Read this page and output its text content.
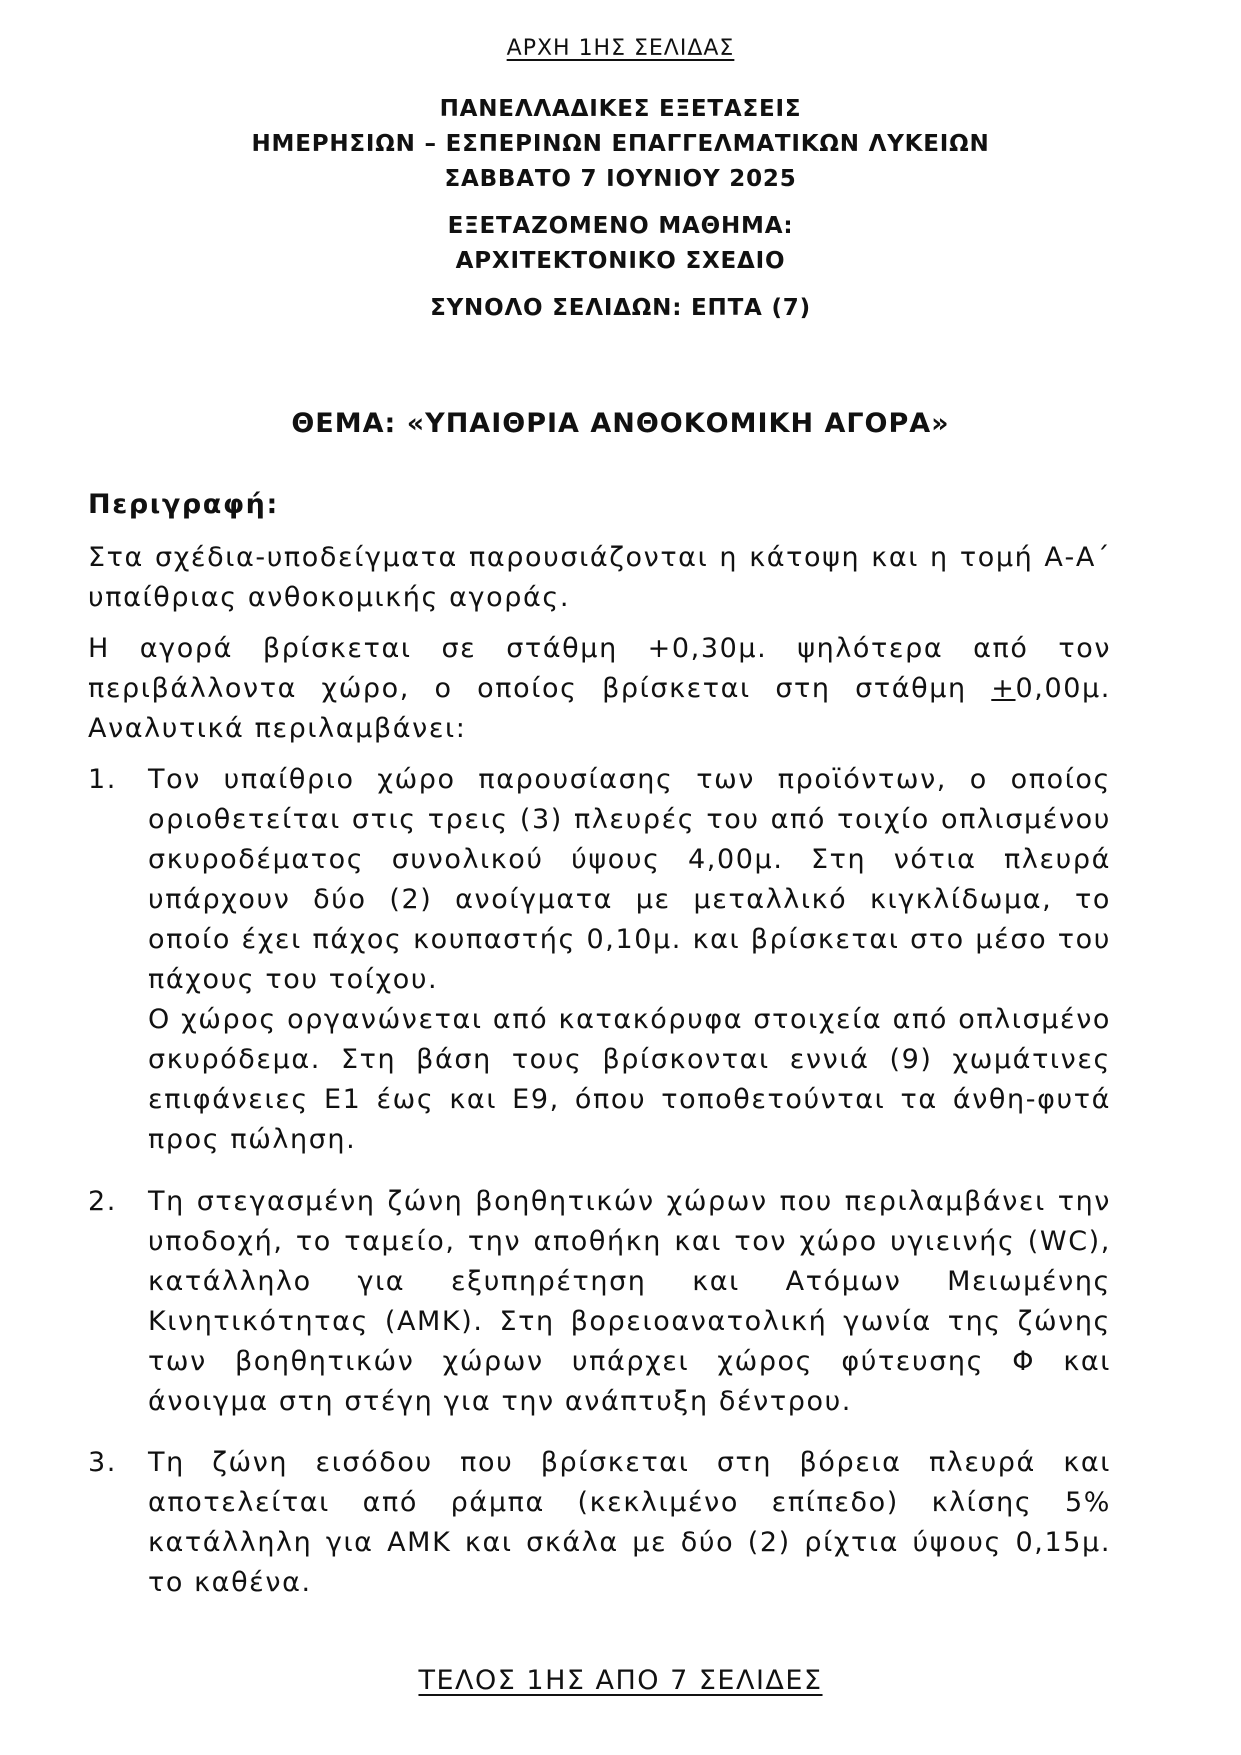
ΑΡΧΗ 1ΗΣ ΣΕΛΙΔΑΣ
ΠΑΝΕΛΛΑΔΙΚΕΣ ΕΞΕΤΑΣΕΙΣ
ΗΜΕΡΗΣΙΩΝ – ΕΣΠΕΡΙΝΩΝ ΕΠΑΓΓΕΛΜΑΤΙΚΩΝ ΛΥΚΕΙΩΝ
ΣΑΒΒΑΤΟ 7 ΙΟΥΝΙΟΥ 2025
ΕΞΕΤΑΖΟΜΕΝΟ ΜΑΘΗΜΑ:
ΑΡΧΙΤΕΚΤΟΝΙΚΟ ΣΧΕΔΙΟ
ΣΥΝΟΛΟ ΣΕΛΙΔΩΝ: ΕΠΤΑ (7)
ΘΕΜΑ: «ΥΠΑΙΘΡΙΑ ΑΝΘΟΚΟΜΙΚΗ ΑΓΟΡΑ»
Περιγραφή:
Στα σχέδια-υποδείγματα παρουσιάζονται η κάτοψη και η τομή Α-Α΄ υπαίθριας ανθοκομικής αγοράς.
Η αγορά βρίσκεται σε στάθμη +0,30μ. ψηλότερα από τον περιβάλλοντα χώρο, ο οποίος βρίσκεται στη στάθμη +0,00μ. Αναλυτικά περιλαμβάνει:
1.	Τον υπαίθριο χώρο παρουσίασης των προϊόντων, ο οποίος οριοθετείται στις τρεις (3) πλευρές του από τοιχίο οπλισμένου σκυροδέματος συνολικού ύψους 4,00μ. Στη νότια πλευρά υπάρχουν δύο (2) ανοίγματα με μεταλλικό κιγκλίδωμα, το οποίο έχει πάχος κουπαστής 0,10μ. και βρίσκεται στο μέσο του πάχους του τοίχου.
Ο χώρος οργανώνεται από κατακόρυφα στοιχεία από οπλισμένο σκυρόδεμα. Στη βάση τους βρίσκονται εννιά (9) χωμάτινες επιφάνειες Ε1 έως και Ε9, όπου τοποθετούνται τα άνθη-φυτά προς πώληση.
2.	Τη στεγασμένη ζώνη βοηθητικών χώρων που περιλαμβάνει την υποδοχή, το ταμείο, την αποθήκη και τον χώρο υγιεινής (WC), κατάλληλο για εξυπηρέτηση και Ατόμων Μειωμένης Κινητικότητας (ΑΜΚ). Στη βορειοανατολική γωνία της ζώνης των βοηθητικών χώρων υπάρχει χώρος φύτευσης Φ και άνοιγμα στη στέγη για την ανάπτυξη δέντρου.
3.	Τη ζώνη εισόδου που βρίσκεται στη βόρεια πλευρά και αποτελείται από ράμπα (κεκλιμένο επίπεδο) κλίσης 5% κατάλληλη για ΑΜΚ και σκάλα με δύο (2) ρίχτια ύψους 0,15μ. το καθένα.
ΤΕΛΟΣ 1ΗΣ ΑΠΟ 7 ΣΕΛΙΔΕΣ
